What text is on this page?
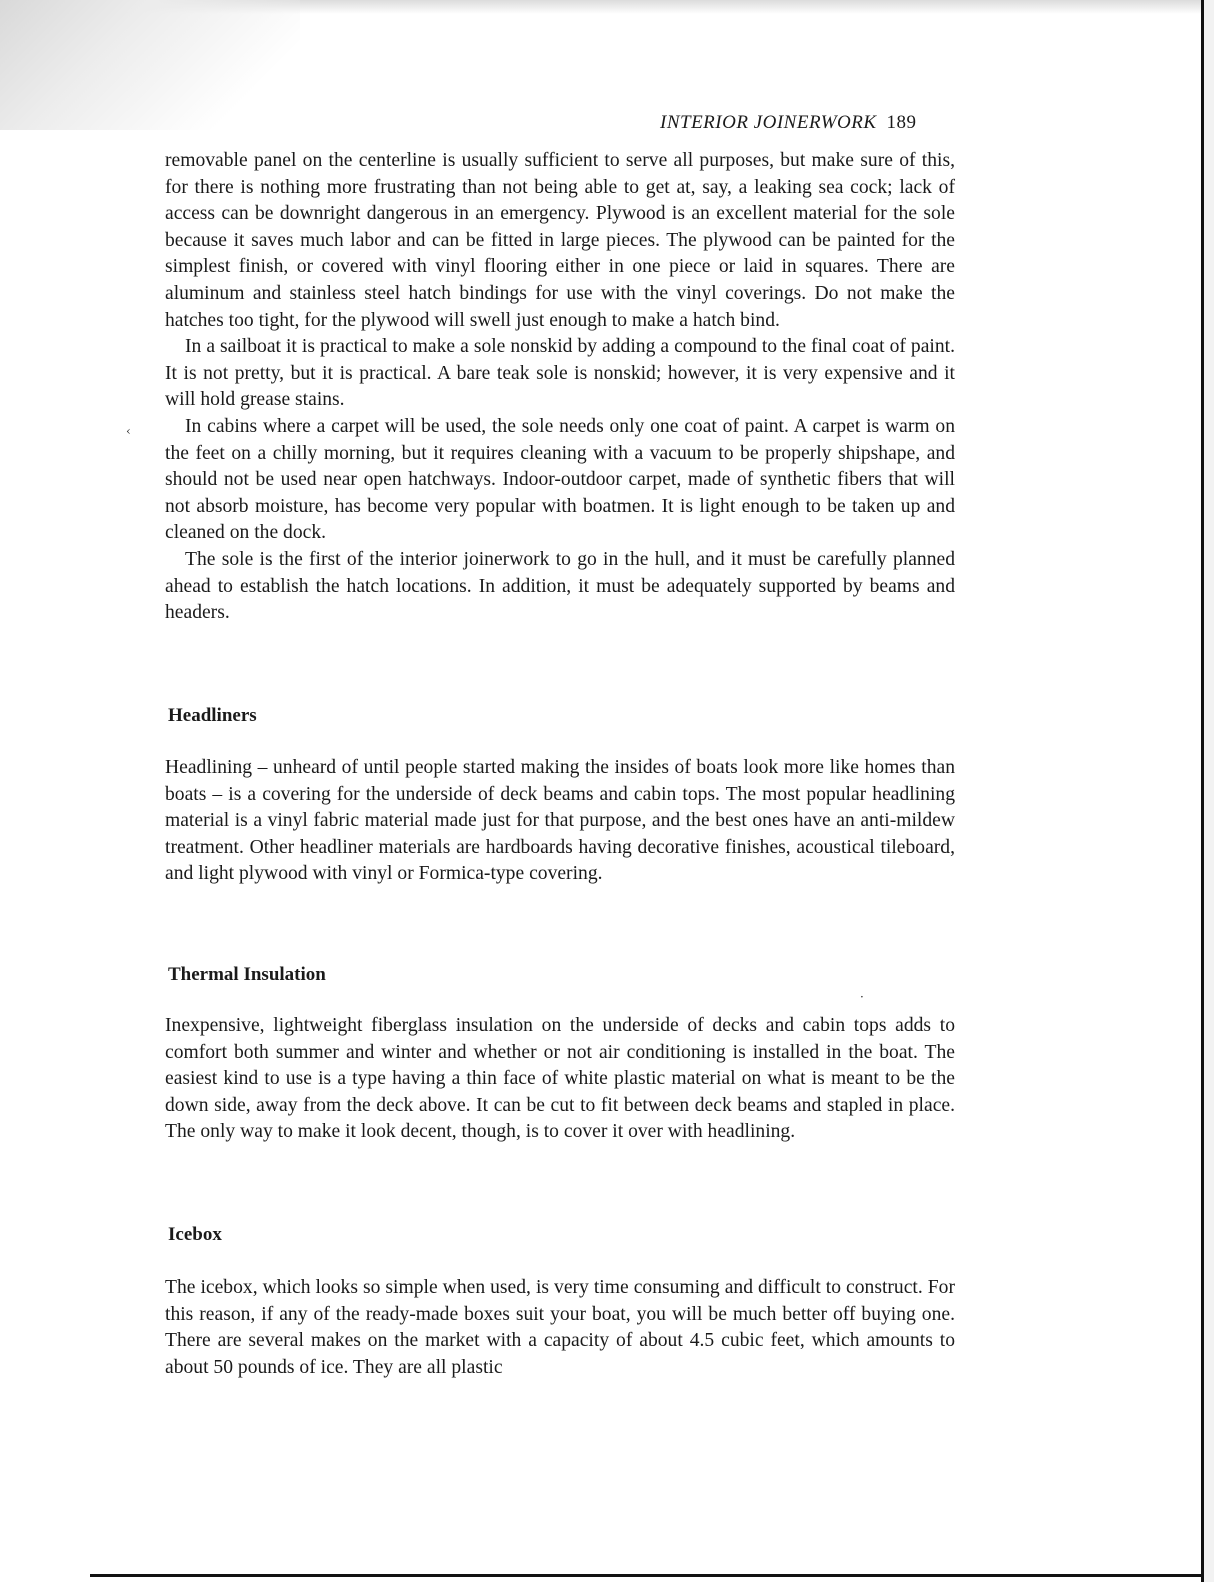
‹
·
INTERIOR JOINERWORK 189

removable panel on the centerline is usually sufficient to serve all purposes, but make sure of this, for there is nothing more frustrating than not being able to get at, say, a leaking sea cock; lack of access can be downright dangerous in an emergency. Plywood is an excellent material for the sole because it saves much labor and can be fitted in large pieces. The plywood can be painted for the simplest finish, or covered with vinyl flooring either in one piece or laid in squares. There are aluminum and stainless steel hatch bindings for use with the vinyl coverings. Do not make the hatches too tight, for the plywood will swell just enough to make a hatch bind.

In a sailboat it is practical to make a sole nonskid by adding a compound to the final coat of paint. It is not pretty, but it is practical. A bare teak sole is nonskid; however, it is very expensive and it will hold grease stains.

In cabins where a carpet will be used, the sole needs only one coat of paint. A carpet is warm on the feet on a chilly morning, but it requires cleaning with a vacuum to be properly shipshape, and should not be used near open hatchways. Indoor-outdoor carpet, made of synthetic fibers that will not absorb moisture, has become very popular with boatmen. It is light enough to be taken up and cleaned on the dock.

The sole is the first of the interior joinerwork to go in the hull, and it must be carefully planned ahead to establish the hatch locations. In addition, it must be adequately supported by beams and headers.

Headliners

Headlining – unheard of until people started making the insides of boats look more like homes than boats – is a covering for the underside of deck beams and cabin tops. The most popular headlining material is a vinyl fabric material made just for that purpose, and the best ones have an anti-mildew treatment. Other headliner materials are hardboards having decorative finishes, acoustical tileboard, and light plywood with vinyl or Formica-type covering.

Thermal Insulation

Inexpensive, lightweight fiberglass insulation on the underside of decks and cabin tops adds to comfort both summer and winter and whether or not air conditioning is installed in the boat. The easiest kind to use is a type having a thin face of white plastic material on what is meant to be the down side, away from the deck above. It can be cut to fit between deck beams and stapled in place. The only way to make it look decent, though, is to cover it over with headlining.

Icebox

The icebox, which looks so simple when used, is very time consuming and difficult to construct. For this reason, if any of the ready-made boxes suit your boat, you will be much better off buying one. There are several makes on the market with a capacity of about 4.5 cubic feet, which amounts to about 50 pounds of ice. They are all plastic
